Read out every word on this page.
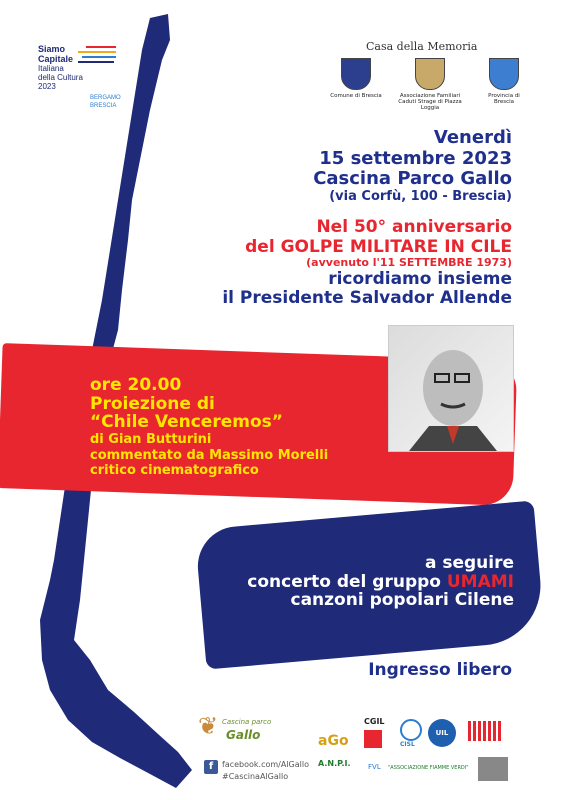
Siamo
Capitale
Italiana
della Cultura
2023
BERGAMO
BRESCIA
Casa della Memoria
Comune di Brescia	Associazione Familiari Caduti Strage di Piazza Loggia
Provincia di Brescia
Venerdì
15 settembre 2023
Cascina Parco Gallo
(via Corfù, 100 - Brescia)
Nel 50° anniversario
del GOLPE MILITARE IN CILE
(avvenuto l'11 SETTEMBRE 1973)
ricordiamo insieme
il Presidente Salvador Allende
ore 20.00
Proiezione di
“Chile Venceremos”
di Gian Butturini
commentato da Massimo Morelli
critico cinematografico
a seguire
concerto del gruppo UMAMI
canzoni popolari Cilene
Ingresso libero
❦ Cascina parco
Gallo
f	facebook.com/AlGallo
#CascinaAlGallo
aGo
CGIL
CISL
UIL
A.N.P.I. FVL "ASSOCIAZIONE FIAMME VERDI"
